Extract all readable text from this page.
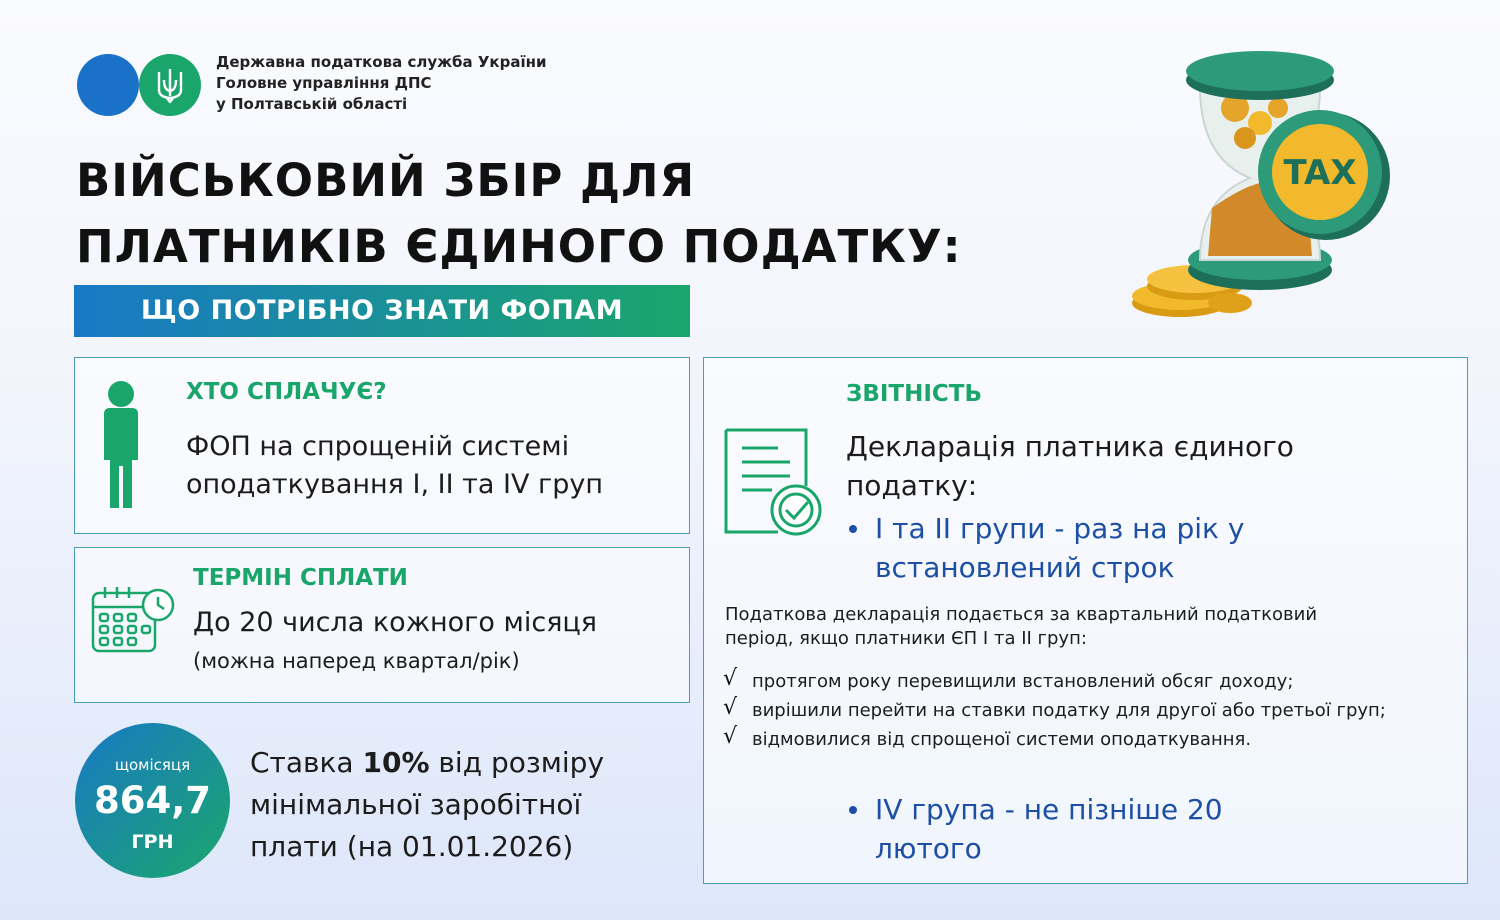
Державна податкова служба України
Головне управління ДПС
у Полтавській області
ВІЙСЬКОВИЙ ЗБІР ДЛЯ
ПЛАТНИКІВ ЄДИНОГО ПОДАТКУ:
ЩО ПОТРІБНО ЗНАТИ ФОПАМ
TAX
ХТО СПЛАЧУЄ?
ФОП на спрощеній системі
оподаткування І, ІІ та IV груп
ТЕРМІН СПЛАТИ
До 20 числа кожного місяця
(можна наперед квартал/рік)
щомісяця
864,7
ГРН
Ставка 10% від розміру
мінімальної заробітної
плати (на 01.01.2026)
ЗВІТНІСТЬ
Декларація платника єдиного
податку:
І та ІІ групи - раз на рік у
встановлений строк
Податкова декларація подається за квартальний податковий
період, якщо платники ЄП І та ІІ груп:
√ протягом року перевищили встановлений обсяг доходу;
√ вирішили перейти на ставки податку для другої або третьої груп;
√ відмовилися від спрощеної системи оподаткування.
IV група - не пізніше 20
лютого
